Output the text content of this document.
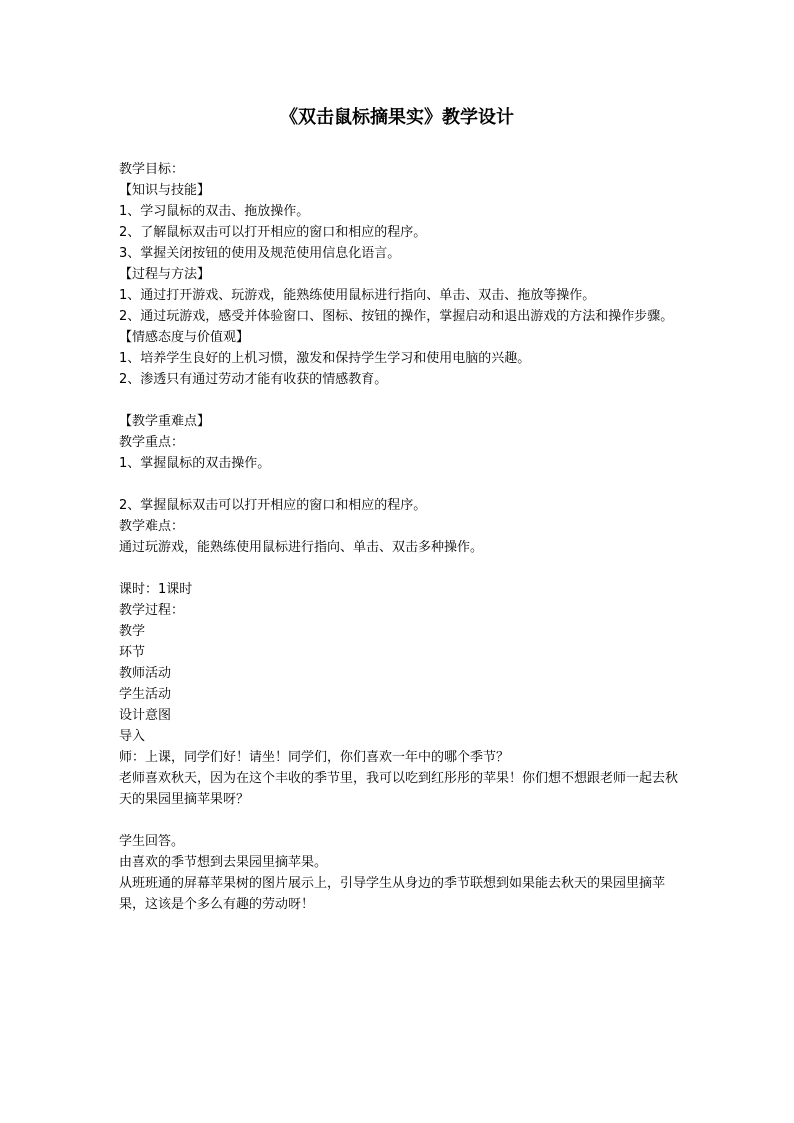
《双击鼠标摘果实》教学设计
教学目标：
【知识与技能】
1、学习鼠标的双击、拖放操作。
2、了解鼠标双击可以打开相应的窗口和相应的程序。
3、掌握关闭按钮的使用及规范使用信息化语言。
【过程与方法】
1、通过打开游戏、玩游戏，能熟练使用鼠标进行指向、单击、双击、拖放等操作。
2、通过玩游戏，感受并体验窗口、图标、按钮的操作，掌握启动和退出游戏的方法和操作步骤。
【情感态度与价值观】
1、培养学生良好的上机习惯，激发和保持学生学习和使用电脑的兴趣。
2、渗透只有通过劳动才能有收获的情感教育。
【教学重难点】
教学重点：
1、掌握鼠标的双击操作。
2、掌握鼠标双击可以打开相应的窗口和相应的程序。
教学难点：
通过玩游戏，能熟练使用鼠标进行指向、单击、双击多种操作。
课时：1课时
教学过程：
教学
环节
教师活动
学生活动
设计意图
导入
师：上课，同学们好！请坐！同学们，你们喜欢一年中的哪个季节？
老师喜欢秋天，因为在这个丰收的季节里，我可以吃到红彤彤的苹果！你们想不想跟老师一起去秋天的果园里摘苹果呀？
学生回答。
由喜欢的季节想到去果园里摘苹果。
从班班通的屏幕苹果树的图片展示上，引导学生从身边的季节联想到如果能去秋天的果园里摘苹果，这该是个多么有趣的劳动呀！
